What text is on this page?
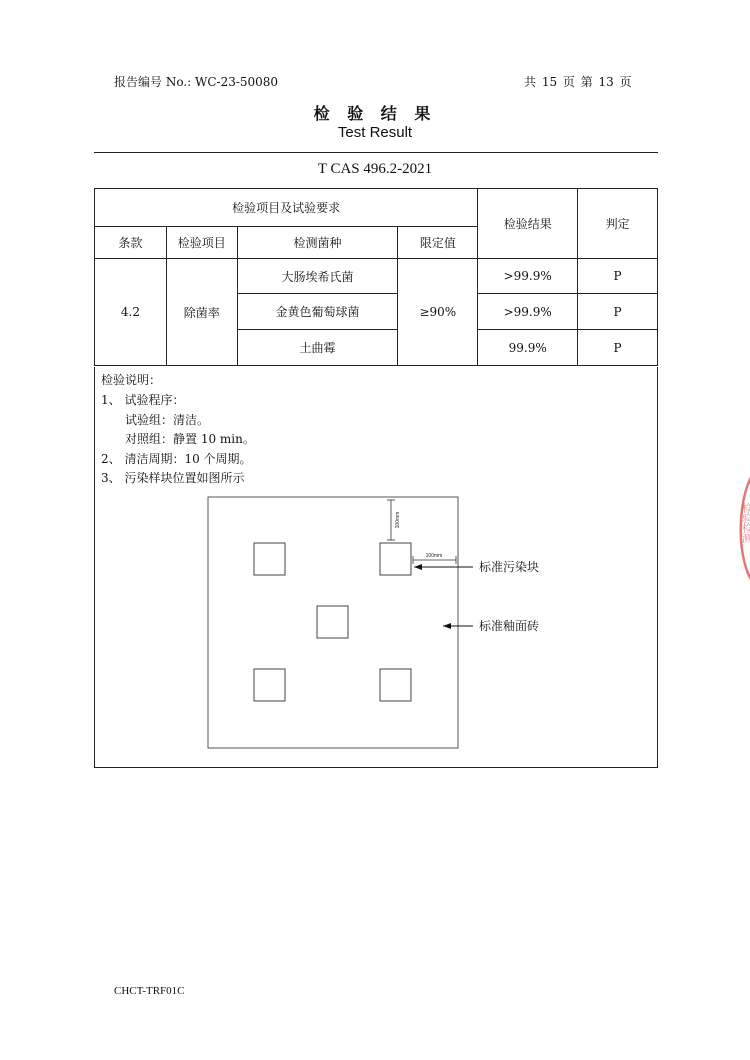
报告编号 No.: WC-23-50080	共 15 页 第 13 页
检 验 结 果
Test Result
T CAS 496.2-2021
检验项目及试验要求				检验结果	判定
条款	检验项目	检测菌种	限定值		
4.2	除菌率	大肠埃希氏菌	≥90%	>99.9%	P
		金黄色葡萄球菌		>99.9%	P
		土曲霉		99.9%	P
检验说明：
1、 试验程序：
试验组：清洁。
对照组：静置 10 min。
2、 清洁周期：10 个周期。
3、 污染样块位置如图所示
100mm
100mm
标准污染块
标准釉面砖
CHCT-TRF01C
检验检测
